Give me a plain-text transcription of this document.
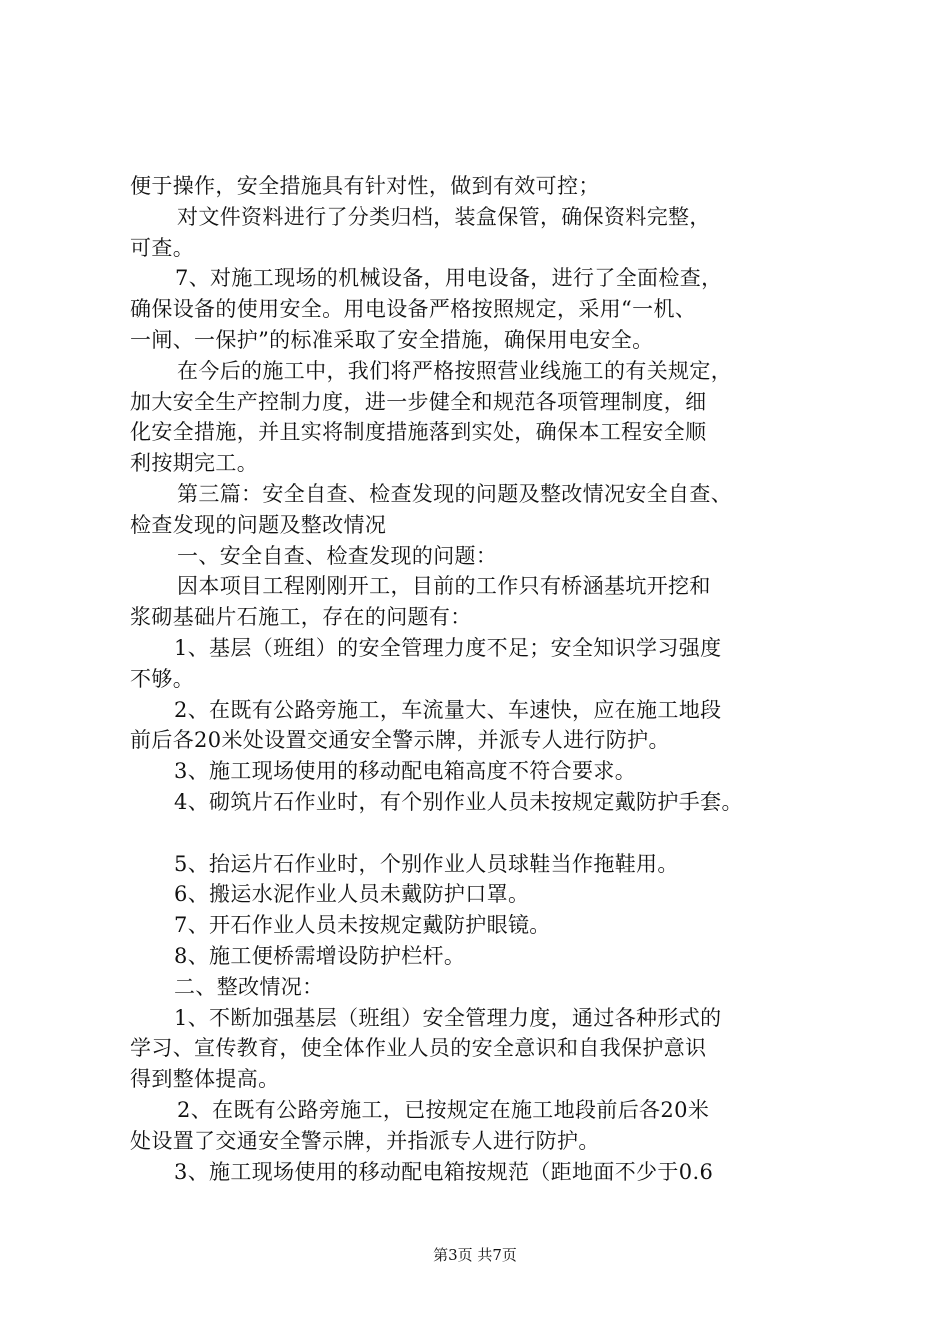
便于操作，安全措施具有针对性，做到有效可控；
对文件资料进行了分类归档，装盒保管，确保资料完整，
可查。
7、对施工现场的机械设备，用电设备，进行了全面检查，
确保设备的使用安全。用电设备严格按照规定，采用“一机、
一闸、一保护”的标准采取了安全措施，确保用电安全。
在今后的施工中，我们将严格按照营业线施工的有关规定，
加大安全生产控制力度，进一步健全和规范各项管理制度，细
化安全措施，并且实将制度措施落到实处，确保本工程安全顺
利按期完工。
第三篇：安全自查、检查发现的问题及整改情况安全自查、
检查发现的问题及整改情况
一、安全自查、检查发现的问题：
因本项目工程刚刚开工，目前的工作只有桥涵基坑开挖和
浆砌基础片石施工，存在的问题有：
1、基层（班组）的安全管理力度不足；安全知识学习强度
不够。
2、在既有公路旁施工，车流量大、车速快，应在施工地段
前后各20米处设置交通安全警示牌，并派专人进行防护。
3、施工现场使用的移动配电箱高度不符合要求。
4、砌筑片石作业时，有个别作业人员未按规定戴防护手套。
5、抬运片石作业时，个别作业人员球鞋当作拖鞋用。
6、搬运水泥作业人员未戴防护口罩。
7、开石作业人员未按规定戴防护眼镜。
8、施工便桥需增设防护栏杆。
二、整改情况：
1、不断加强基层（班组）安全管理力度，通过各种形式的
学习、宣传教育，使全体作业人员的安全意识和自我保护意识
得到整体提高。
2、在既有公路旁施工，已按规定在施工地段前后各20米
处设置了交通安全警示牌，并指派专人进行防护。
3、施工现场使用的移动配电箱按规范（距地面不少于0.6
第3页 共7页
